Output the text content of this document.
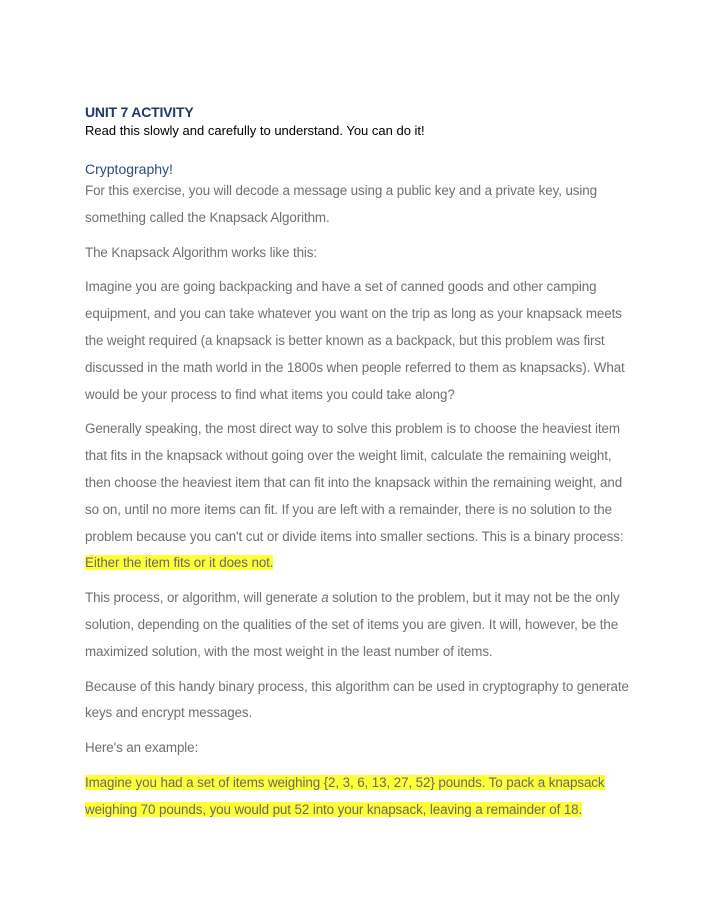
UNIT 7 ACTIVITY

Read this slowly and carefully to understand. You can do it!

Cryptography!

For this exercise, you will decode a message using a public key and a private key, using something called the Knapsack Algorithm.

The Knapsack Algorithm works like this:

Imagine you are going backpacking and have a set of canned goods and other camping equipment, and you can take whatever you want on the trip as long as your knapsack meets the weight required (a knapsack is better known as a backpack, but this problem was first discussed in the math world in the 1800s when people referred to them as knapsacks). What would be your process to find what items you could take along?

Generally speaking, the most direct way to solve this problem is to choose the heaviest item that fits in the knapsack without going over the weight limit, calculate the remaining weight, then choose the heaviest item that can fit into the knapsack within the remaining weight, and so on, until no more items can fit. If you are left with a remainder, there is no solution to the problem because you can't cut or divide items into smaller sections. This is a binary process: Either the item fits or it does not.

This process, or algorithm, will generate a solution to the problem, but it may not be the only solution, depending on the qualities of the set of items you are given. It will, however, be the maximized solution, with the most weight in the least number of items.

Because of this handy binary process, this algorithm can be used in cryptography to generate keys and encrypt messages.

Here's an example:

Imagine you had a set of items weighing {2, 3, 6, 13, 27, 52} pounds. To pack a knapsack weighing 70 pounds, you would put 52 into your knapsack, leaving a remainder of 18.
